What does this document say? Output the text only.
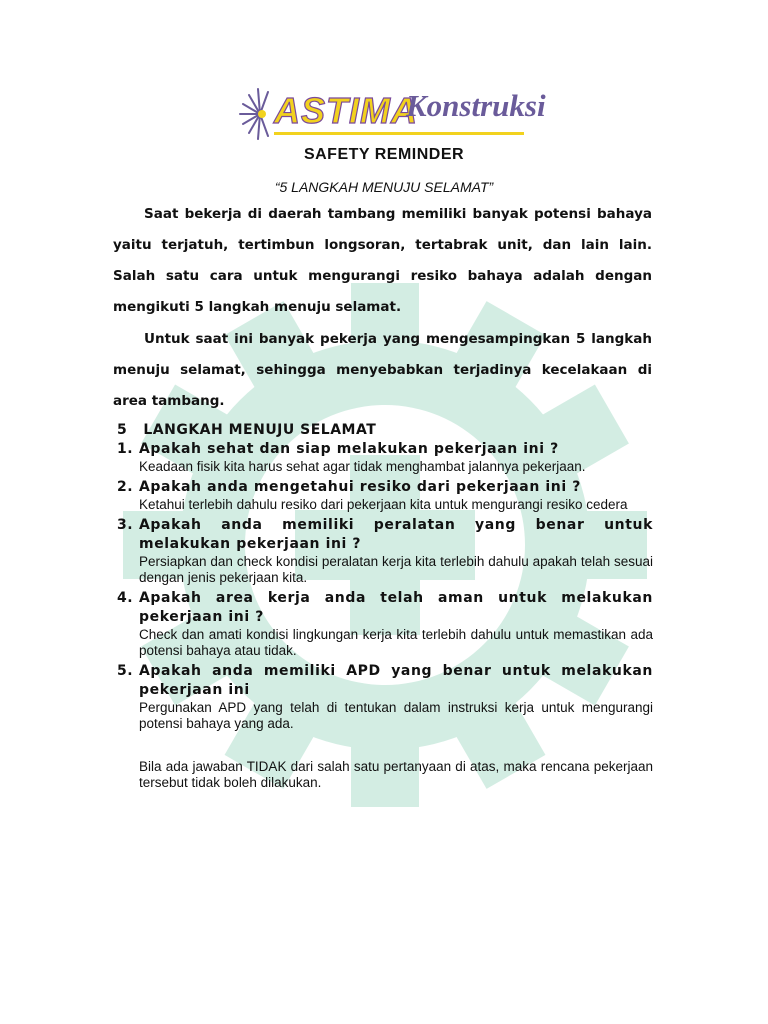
ASTIMA
Konstruksi
SAFETY REMINDER
“5 LANGKAH MENUJU SELAMAT”

Saat bekerja di daerah tambang memiliki banyak potensi bahaya yaitu terjatuh, tertimbun longsoran, tertabrak unit, dan lain lain. Salah satu cara untuk mengurangi resiko bahaya adalah dengan mengikuti 5 langkah menuju selamat.

Untuk saat ini banyak pekerja yang mengesampingkan 5 langkah menuju selamat, sehingga menyebabkan terjadinya kecelakaan di area tambang.

5   LANGKAH MENUJU SELAMAT
1. Apakah sehat dan siap melakukan pekerjaan ini ?
Keadaan fisik kita harus sehat agar tidak menghambat jalannya pekerjaan.
2. Apakah anda mengetahui resiko dari pekerjaan ini ?
Ketahui terlebih dahulu resiko dari pekerjaan kita untuk mengurangi resiko cedera
3. Apakah anda memiliki peralatan yang benar untuk melakukan pekerjaan ini ?
Persiapkan dan check kondisi peralatan kerja kita terlebih dahulu apakah telah sesuai dengan jenis pekerjaan kita.
4. Apakah area kerja anda telah aman untuk melakukan pekerjaan ini ?
Check dan amati kondisi lingkungan kerja kita terlebih dahulu untuk memastikan ada potensi bahaya atau tidak.
5. Apakah anda memiliki APD yang benar untuk melakukan pekerjaan ini
Pergunakan APD yang telah di tentukan dalam instruksi kerja untuk mengurangi potensi bahaya yang ada.
Bila ada jawaban TIDAK dari salah satu pertanyaan di atas, maka rencana pekerjaan tersebut tidak boleh dilakukan.
